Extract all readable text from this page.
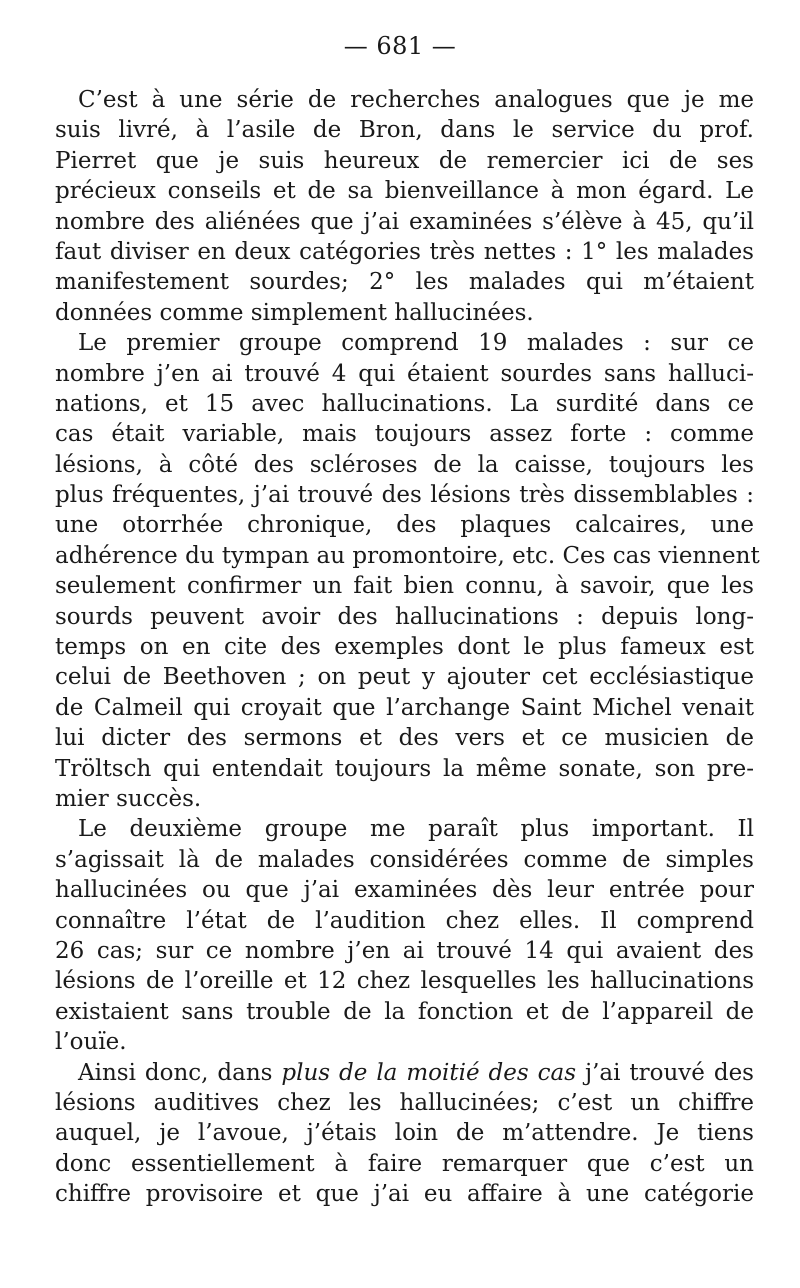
— 681 —
C’est à une série de recherches analogues que je me
suis livré, à l’asile de Bron, dans le service du prof.
Pierret que je suis heureux de remercier ici de ses
précieux conseils et de sa bienveillance à mon égard. Le
nombre des aliénées que j’ai examinées s’élève à 45, qu’il
faut diviser en deux catégories très nettes : 1° les malades
manifestement sourdes; 2° les malades qui m’étaient
données comme simplement hallucinées.
Le premier groupe comprend 19 malades : sur ce
nombre j’en ai trouvé 4 qui étaient sourdes sans halluci-
nations, et 15 avec hallucinations. La surdité dans ce
cas était variable, mais toujours assez forte : comme
lésions, à côté des scléroses de la caisse, toujours les
plus fréquentes, j’ai trouvé des lésions très dissemblables :
une otorrhée chronique, des plaques calcaires, une
adhérence du tympan au promontoire, etc. Ces cas viennent
seulement confirmer un fait bien connu, à savoir, que les
sourds peuvent avoir des hallucinations : depuis long-
temps on en cite des exemples dont le plus fameux est
celui de Beethoven ; on peut y ajouter cet ecclésiastique
de Calmeil qui croyait que l’archange Saint Michel venait
lui dicter des sermons et des vers et ce musicien de
Tröltsch qui entendait toujours la même sonate, son pre-
mier succès.
Le deuxième groupe me paraît plus important. Il
s’agissait là de malades considérées comme de simples
hallucinées ou que j’ai examinées dès leur entrée pour
connaître l’état de l’audition chez elles. Il comprend
26 cas; sur ce nombre j’en ai trouvé 14 qui avaient des
lésions de l’oreille et 12 chez lesquelles les hallucinations
existaient sans trouble de la fonction et de l’appareil de
l’ouïe.
Ainsi donc, dans plus de la moitié des cas j’ai trouvé des
lésions auditives chez les hallucinées; c’est un chiffre
auquel, je l’avoue, j’étais loin de m’attendre. Je tiens
donc essentiellement à faire remarquer que c’est un
chiffre provisoire et que j’ai eu affaire à une catégorie
